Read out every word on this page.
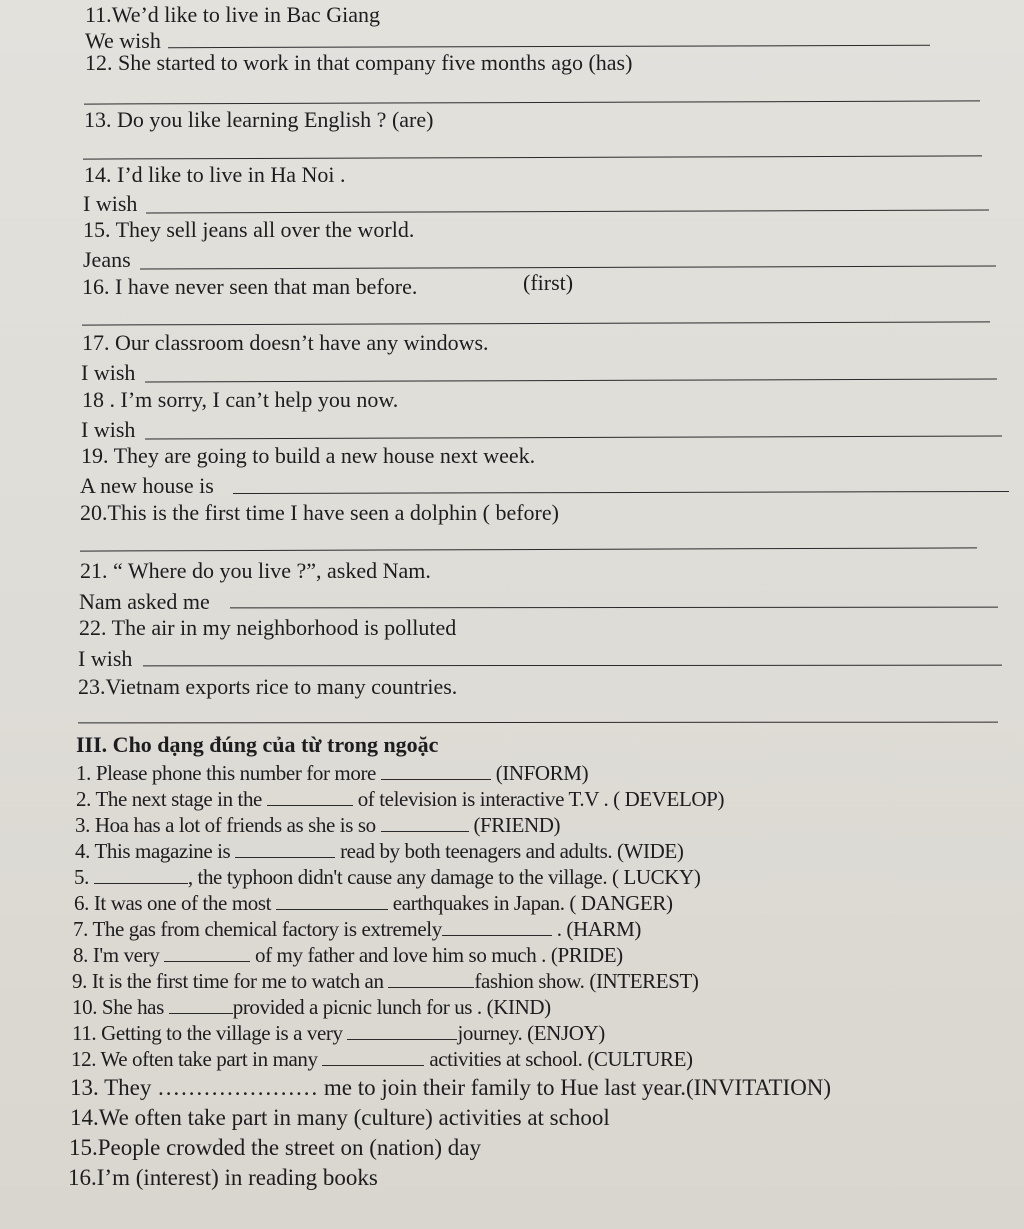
11.We’d like to live in Bac Giang
We wish
12. She started to work in that company five months ago (has)
13. Do you like learning English ? (are)
14. I’d like to live in Ha Noi .
I wish
15. They sell jeans all over the world.
Jeans
16. I have never seen that man before.	(first)
17. Our classroom doesn’t have any windows.
I wish
18 . I’m sorry, I can’t help you now.
I wish
19. They are going to build a new house next week.
A new house is
20.This is the first time I have seen a dolphin ( before)
21. “ Where do you live ?”, asked Nam.
Nam asked me
22. The air in my neighborhood is polluted
I wish
23.Vietnam exports rice to many countries.
III. Cho dạng đúng của từ trong ngoặc
1. Please phone this number for more	(INFORM)
2. The next stage in the	of television is interactive T.V . ( DEVELOP)
3. Hoa has a lot of friends as she is so	(FRIEND)
4. This magazine is	read by both teenagers and adults. (WIDE)
5.	, the typhoon didn't cause any damage to the village. ( LUCKY)
6. It was one of the most	earthquakes in Japan. ( DANGER)
7. The gas from chemical factory is extremely	. (HARM)
8. I'm very	of my father and love him so much . (PRIDE)
9. It is the first time for me to watch an	fashion show. (INTEREST)
10. She has	provided a picnic lunch for us . (KIND)
11. Getting to the village is a very	journey. (ENJOY)
12. We often take part in many	activities at school. (CULTURE)
13. They ………………… me to join their family to Hue last year.(INVITATION)
14.We often take part in many (culture) activities at school
15.People crowded the street on (nation) day
16.I’m (interest) in reading books
